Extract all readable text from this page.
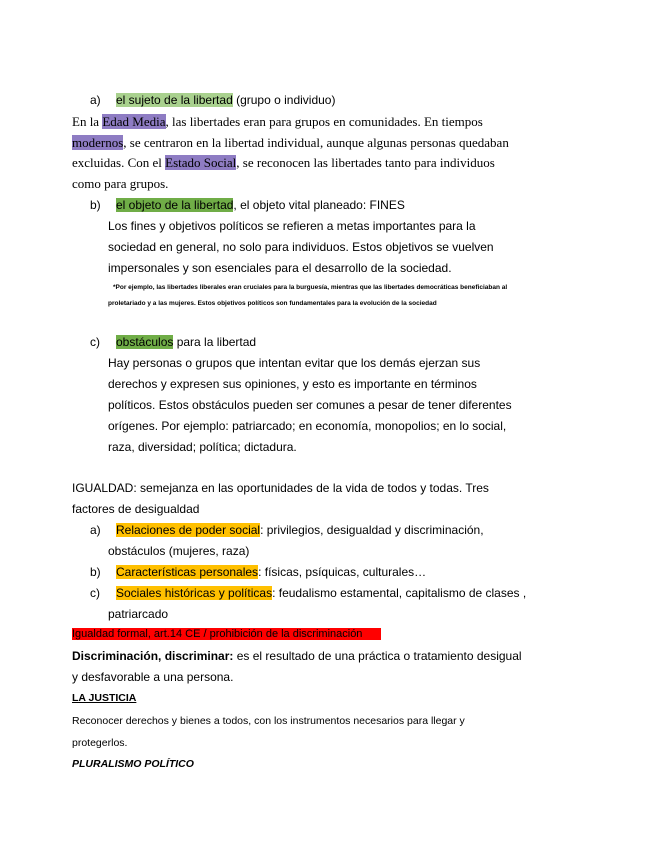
a) el sujeto de la libertad (grupo o individuo)
En la Edad Media, las libertades eran para grupos en comunidades. En tiempos
modernos, se centraron en la libertad individual, aunque algunas personas quedaban
excluidas. Con el Estado Social, se reconocen las libertades tanto para individuos
como para grupos.
b) el objeto de la libertad, el objeto vital planeado: FINES
Los fines y objetivos políticos se refieren a metas importantes para la
sociedad en general, no solo para individuos. Estos objetivos se vuelven
impersonales y son esenciales para el desarrollo de la sociedad.
*Por ejemplo, las libertades liberales eran cruciales para la burguesía, mientras que las libertades democráticas beneficiaban al
proletariado y a las mujeres. Estos objetivos políticos son fundamentales para la evolución de la sociedad
c) obstáculos para la libertad
Hay personas o grupos que intentan evitar que los demás ejerzan sus
derechos y expresen sus opiniones, y esto es importante en términos
políticos. Estos obstáculos pueden ser comunes a pesar de tener diferentes
orígenes. Por ejemplo: patriarcado; en economía, monopolios; en lo social,
raza, diversidad; política; dictadura.
IGUALDAD: semejanza en las oportunidades de la vida de todos y todas. Tres
factores de desigualdad
a) Relaciones de poder social: privilegios, desigualdad y discriminación,
obstáculos (mujeres, raza)
b) Características personales: físicas, psíquicas, culturales…
c) Sociales históricas y políticas: feudalismo estamental, capitalismo de clases ,
patriarcado
Igualdad formal, art.14 CE / prohibición de la discriminación
Discriminación, discriminar: es el resultado de una práctica o tratamiento desigual
y desfavorable a una persona.
LA JUSTICIA
Reconocer derechos y bienes a todos, con los instrumentos necesarios para llegar y
protegerlos.
PLURALISMO POLÍTICO
